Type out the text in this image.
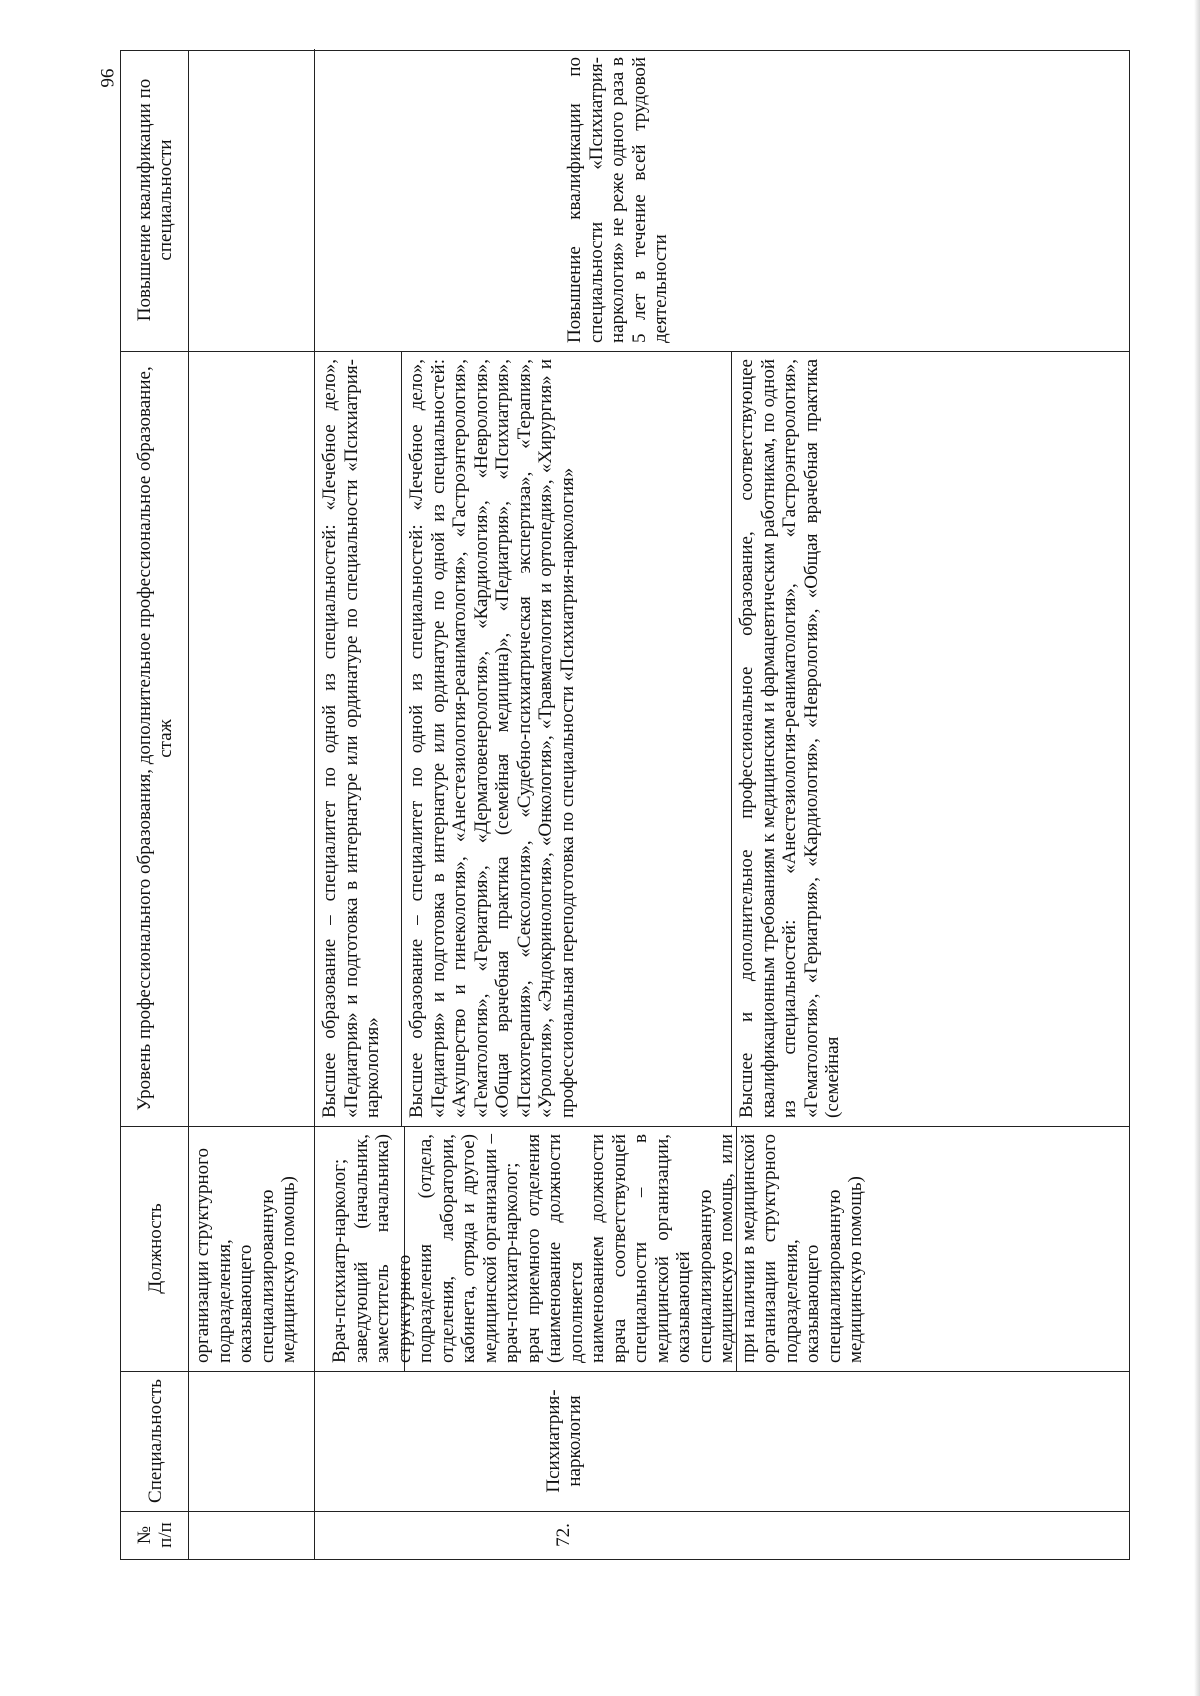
96
№ п/п
Специальность
Должность
Уровень профессионального образования, дополнительное профессиональное образование, стаж
Повышение квалификации по специальности
организации структурного подразделения, оказывающего специализированную медицинскую помощь)
72.
Психиатрия-наркология
Врач-психиатр-нарколог; заведующий (начальник, заместитель начальника) структурного подразделения (отдела, отделения, лаборатории, кабинета, отряда и другое) медицинской организации – врач-психиатр-нарколог; врач приемного отделения (наименование должности дополняется наименованием должности врача соответствующей специальности – в медицинской организации, оказывающей специализированную медицинскую помощь, или при наличии в медицинской организации структурного подразделения, оказывающего специализированную медицинскую помощь)
Высшее образование – специалитет по одной из специальностей: «Лечебное дело», «Педиатрия» и подготовка в интернатуре или ординатуре по специальности «Психиатрия-наркология»	Высшее образование – специалитет по одной из специальностей: «Лечебное дело», «Педиатрия» и подготовка в интернатуре или ординатуре по одной из специальностей: «Акушерство и гинекология», «Анестезиология-реаниматология», «Гастроэнтерология», «Гематология», «Гериатрия», «Дерматовенерология», «Кардиология», «Неврология», «Общая врачебная практика (семейная медицина)», «Педиатрия», «Психиатрия», «Психотерапия», «Сексология», «Судебно-психиатрическая экспертиза», «Терапия», «Урология», «Эндокринология», «Онкология», «Травматология и ортопедия», «Хирургия» и профессиональная переподготовка по специальности «Психиатрия-наркология»	Высшее и дополнительное профессиональное образование, соответствующее квалификационным требованиям к медицинским и фармацевтическим работникам, по одной из специальностей: «Анестезиология-реаниматология», «Гастроэнтерология», «Гематология», «Гериатрия», «Кардиология», «Неврология», «Общая врачебная практика (семейная
Повышение квалификации по специальности «Психиатрия-наркология» не реже одного раза в 5 лет в течение всей трудовой деятельности
